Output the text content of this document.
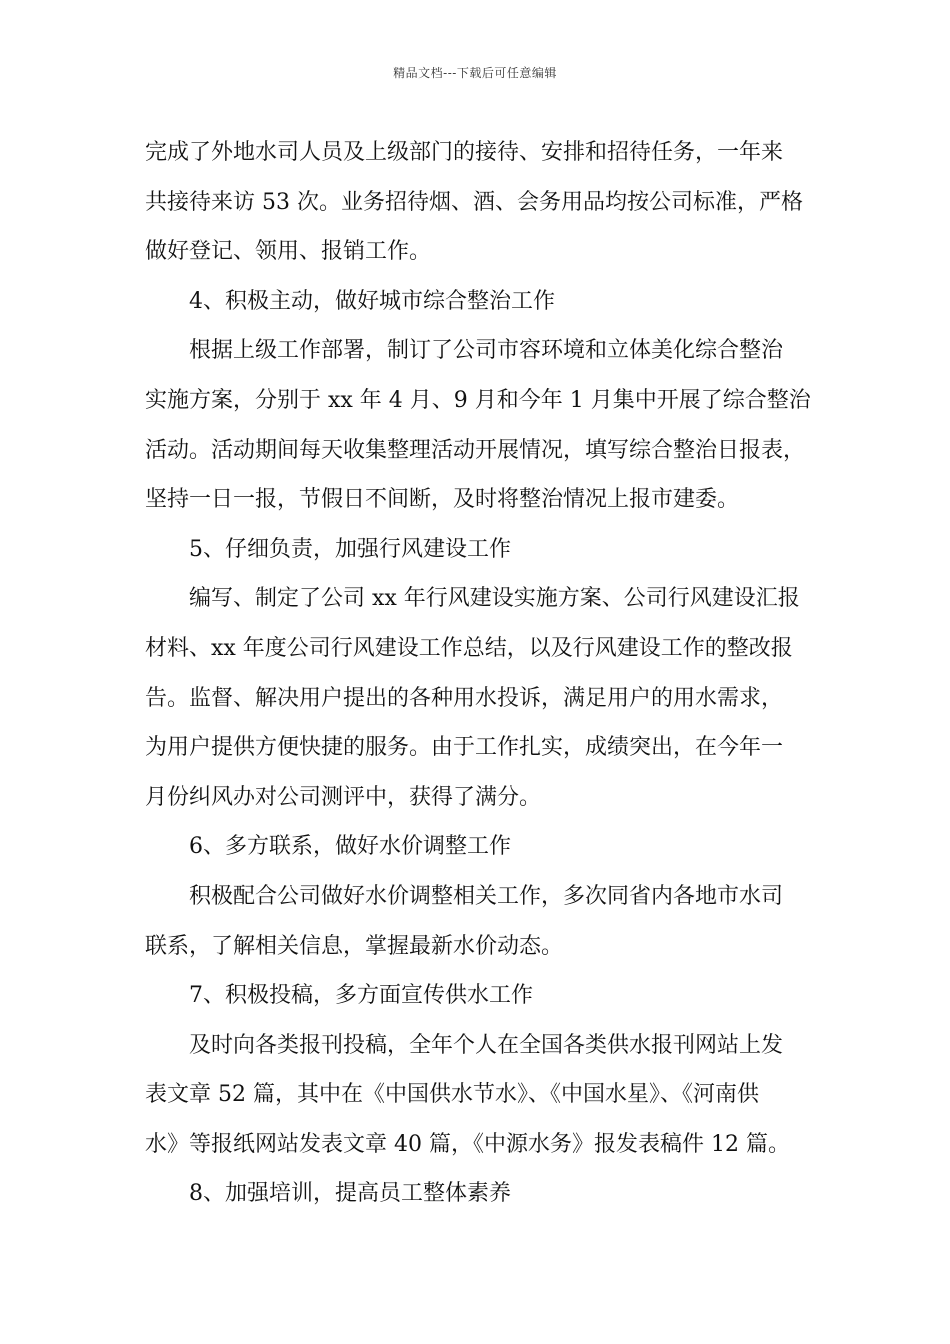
精品文档---下载后可任意编辑
完成了外地水司人员及上级部门的接待、安排和招待任务，一年来
共接待来访 53 次。业务招待烟、酒、会务用品均按公司标准，严格
做好登记、领用、报销工作。
4、积极主动，做好城市综合整治工作
根据上级工作部署，制订了公司市容环境和立体美化综合整治
实施方案，分别于 xx 年 4 月、9 月和今年 1 月集中开展了综合整治
活动。活动期间每天收集整理活动开展情况，填写综合整治日报表，
坚持一日一报，节假日不间断，及时将整治情况上报市建委。
5、仔细负责，加强行风建设工作
编写、制定了公司 xx 年行风建设实施方案、公司行风建设汇报
材料、xx 年度公司行风建设工作总结，以及行风建设工作的整改报
告。监督、解决用户提出的各种用水投诉，满足用户的用水需求，
为用户提供方便快捷的服务。由于工作扎实，成绩突出，在今年一
月份纠风办对公司测评中，获得了满分。
6、多方联系，做好水价调整工作
积极配合公司做好水价调整相关工作，多次同省内各地市水司
联系，了解相关信息，掌握最新水价动态。
7、积极投稿，多方面宣传供水工作
及时向各类报刊投稿，全年个人在全国各类供水报刊网站上发
表文章 52 篇，其中在《中国供水节水》、《中国水星》、《河南供
水》等报纸网站发表文章 40 篇，《中源水务》报发表稿件 12 篇。
8、加强培训，提高员工整体素养
